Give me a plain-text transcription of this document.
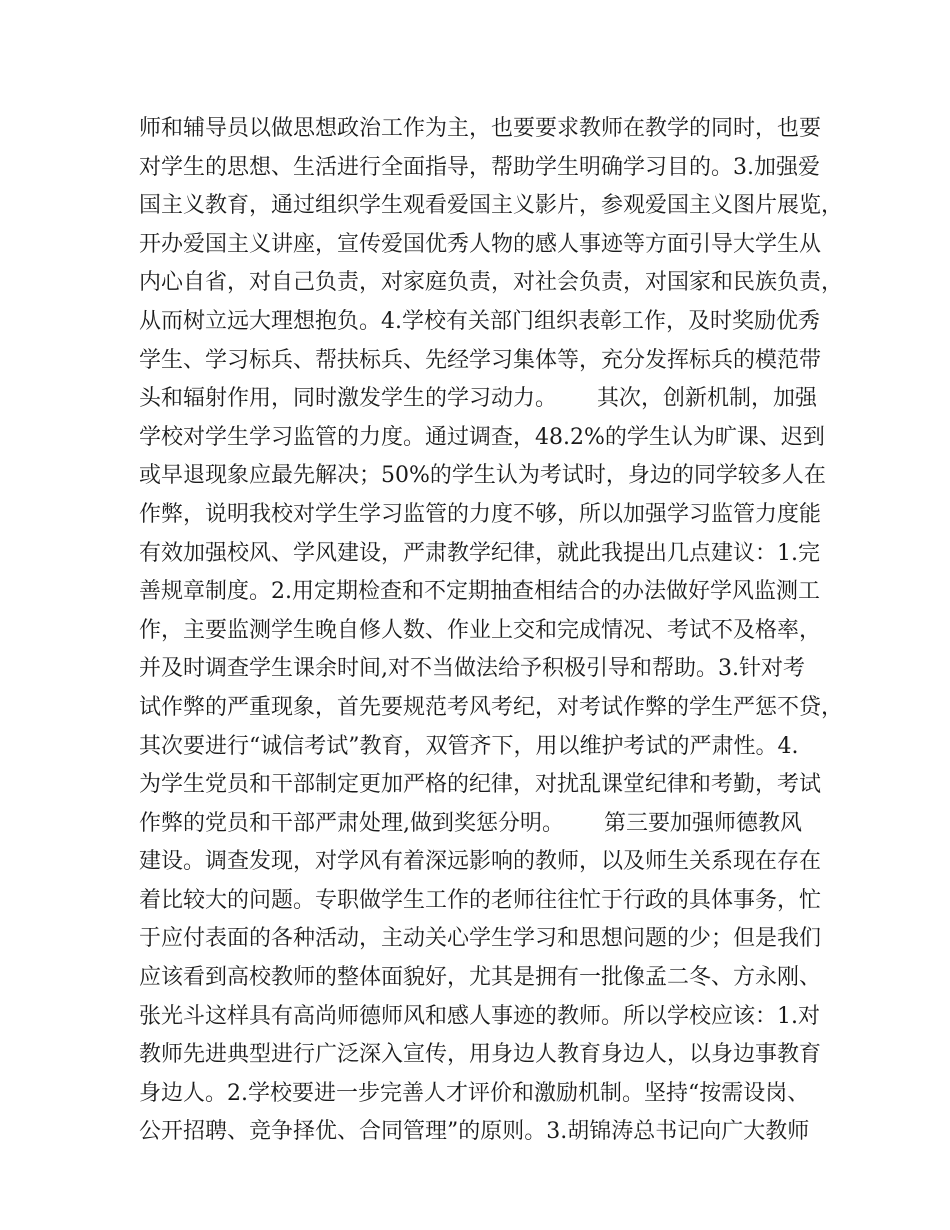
师和辅导员以做思想政治工作为主，也要要求教师在教学的同时，也要
对学生的思想、生活进行全面指导，帮助学生明确学习目的。3.加强爱
国主义教育，通过组织学生观看爱国主义影片，参观爱国主义图片展览，
开办爱国主义讲座，宣传爱国优秀人物的感人事迹等方面引导大学生从
内心自省，对自己负责，对家庭负责，对社会负责，对国家和民族负责，
从而树立远大理想抱负。4.学校有关部门组织表彰工作，及时奖励优秀
学生、学习标兵、帮扶标兵、先经学习集体等，充分发挥标兵的模范带
头和辐射作用，同时激发学生的学习动力。　　 其次，创新机制，加强
学校对学生学习监管的力度。通过调查，48.2%的学生认为旷课、迟到
或早退现象应最先解决；50%的学生认为考试时，身边的同学较多人在
作弊，说明我校对学生学习监管的力度不够，所以加强学习监管力度能
有效加强校风、学风建设，严肃教学纪律，就此我提出几点建议：1.完
善规章制度。2.用定期检查和不定期抽查相结合的办法做好学风监测工
作，主要监测学生晚自修人数、作业上交和完成情况、考试不及格率，
并及时调查学生课余时间,对不当做法给予积极引导和帮助。3.针对考
试作弊的严重现象，首先要规范考风考纪，对考试作弊的学生严惩不贷，
其次要进行“诚信考试”教育，双管齐下，用以维护考试的严肃性。4.
为学生党员和干部制定更加严格的纪律，对扰乱课堂纪律和考勤，考试
作弊的党员和干部严肃处理,做到奖惩分明。　　 第三要加强师德教风
建设。调查发现，对学风有着深远影响的教师，以及师生关系现在存在
着比较大的问题。专职做学生工作的老师往往忙于行政的具体事务，忙
于应付表面的各种活动，主动关心学生学习和思想问题的少；但是我们
应该看到高校教师的整体面貌好，尤其是拥有一批像孟二冬、方永刚、
张光斗这样具有高尚师德师风和感人事迹的教师。所以学校应该：1.对
教师先进典型进行广泛深入宣传，用身边人教育身边人，以身边事教育
身边人。2.学校要进一步完善人才评价和激励机制。坚持“按需设岗、
公开招聘、竞争择优、合同管理”的原则。3.胡锦涛总书记向广大教师
